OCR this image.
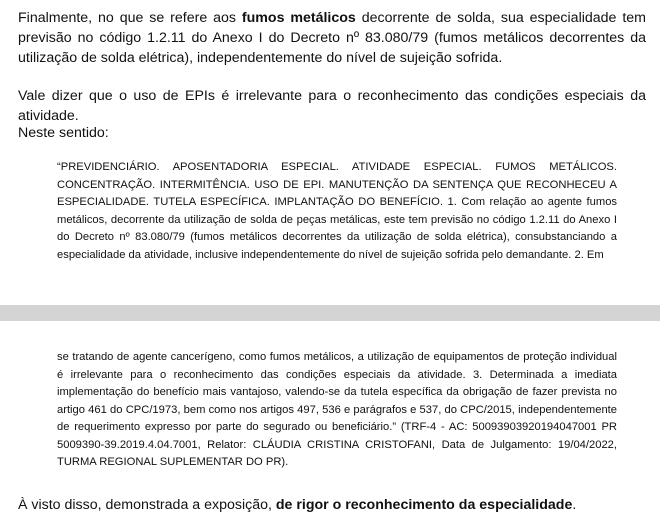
Finalmente, no que se refere aos fumos metálicos decorrente de solda, sua especialidade tem previsão no código 1.2.11 do Anexo I do Decreto nº 83.080/79 (fumos metálicos decorrentes da utilização de solda elétrica), independentemente do nível de sujeição sofrida.

Vale dizer que o uso de EPIs é irrelevante para o reconhecimento das condições especiais da atividade.

Neste sentido:

“PREVIDENCIÁRIO. APOSENTADORIA ESPECIAL. ATIVIDADE ESPECIAL. FUMOS METÁLICOS. CONCENTRAÇÃO. INTERMITÊNCIA. USO DE EPI. MANUTENÇÃO DA SENTENÇA QUE RECONHECEU A ESPECIALIDADE. TUTELA ESPECÍFICA. IMPLANTAÇÃO DO BENEFÍCIO. 1. Com relação ao agente fumos metálicos, decorrente da utilização de solda de peças metálicas, este tem previsão no código 1.2.11 do Anexo I do Decreto nº 83.080/79 (fumos metálicos decorrentes da utilização de solda elétrica), consubstanciando a especialidade da atividade, inclusive independentemente do nível de sujeição sofrida pelo demandante. 2. Em

se tratando de agente cancerígeno, como fumos metálicos, a utilização de equipamentos de proteção individual é irrelevante para o reconhecimento das condições especiais da atividade. 3. Determinada a imediata implementação do benefício mais vantajoso, valendo-se da tutela específica da obrigação de fazer prevista no artigo 461 do CPC/1973, bem como nos artigos 497, 536 e parágrafos e 537, do CPC/2015, independentemente de requerimento expresso por parte do segurado ou beneficiário.” (TRF-4 - AC: 50093903920194047001 PR 5009390-39.2019.4.04.7001, Relator: CLÁUDIA CRISTINA CRISTOFANI, Data de Julgamento: 19/04/2022, TURMA REGIONAL SUPLEMENTAR DO PR).

À visto disso, demonstrada a exposição, de rigor o reconhecimento da especialidade.
